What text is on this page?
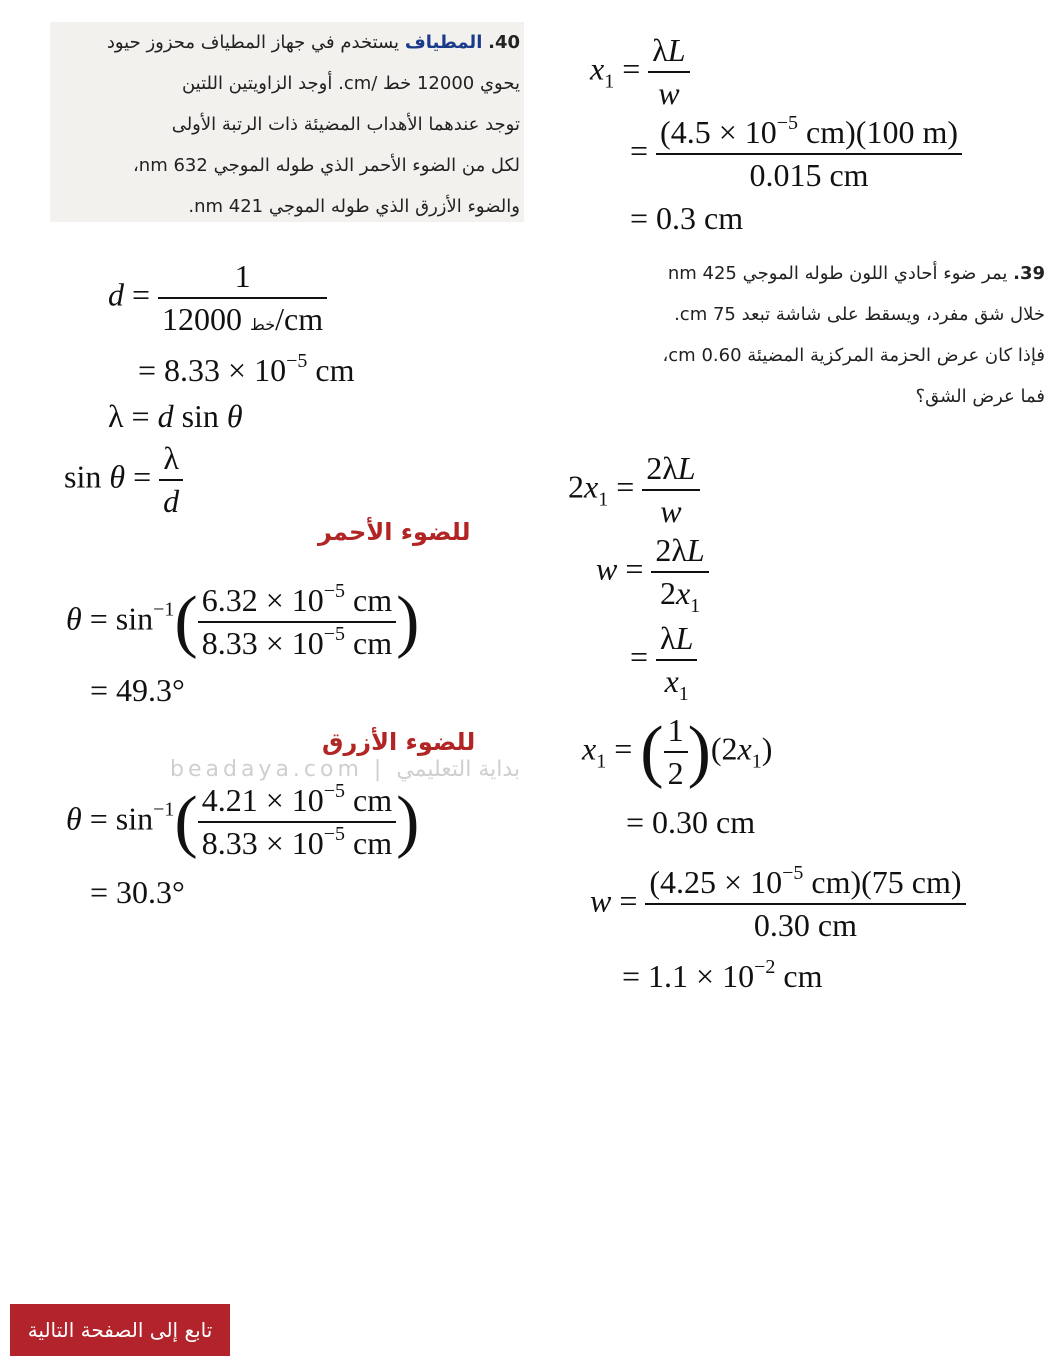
40. المطياف يستخدم في جهاز المطياف محزوز حيود
يحوي 12000 خط /cm. أوجد الزاويتين اللتين
توجد عندهما الأهداب المضيئة ذات الرتبة الأولى
لكل من الضوء الأحمر الذي طوله الموجي 632 nm،
والضوء الأزرق الذي طوله الموجي 421 nm.
39. يمر ضوء أحادي اللون طوله الموجي 425 nm
خلال شق مفرد، ويسقط على شاشة تبعد 75 cm.
فإذا كان عرض الحزمة المركزية المضيئة 0.60 cm،
فما عرض الشق؟
beadaya.com | بداية التعليمي
$d = \frac{1}{\text{12000 خط/cm}}$
= $8.33 \times 10^{-5}$ cm
λ = d sin θ
$\sin \theta = \frac{\lambda}{d}$
للضوء الأحمر
$\theta = \sin^{-1}( \frac{6.32 \times 10^{-5} cm}{8.33 \times 10^{-5} cm}$ )
= 49.3°
للضوء الأزرق
$\theta = \sin^{-1}( \frac{4.21 \times 10^{-5} cm}{8.33 \times 10^{-5} cm}$ )
= 30.3°
$x_1 = \frac{\lambda L}{w}$
= $\frac{(4.5 \times 10^{-5} cm)(100 m)}{0.015 cm}$
= 0.3 cm
$2x_1 = \frac{2\lambda L}{w}$
$w = \frac{2\lambda L}{2x_1}$
= $\frac{\lambda L}{x_1}$
$x_1$ = ( $\frac{1}{2} )(2x_1)$
= 0.30 cm
$w = \frac{(4.25 \times 10^{-5} cm)(75 cm)}{0.30 cm}$
= $1.1 \times 10^{-2}$ cm
تابع إلى الصفحة التالية
